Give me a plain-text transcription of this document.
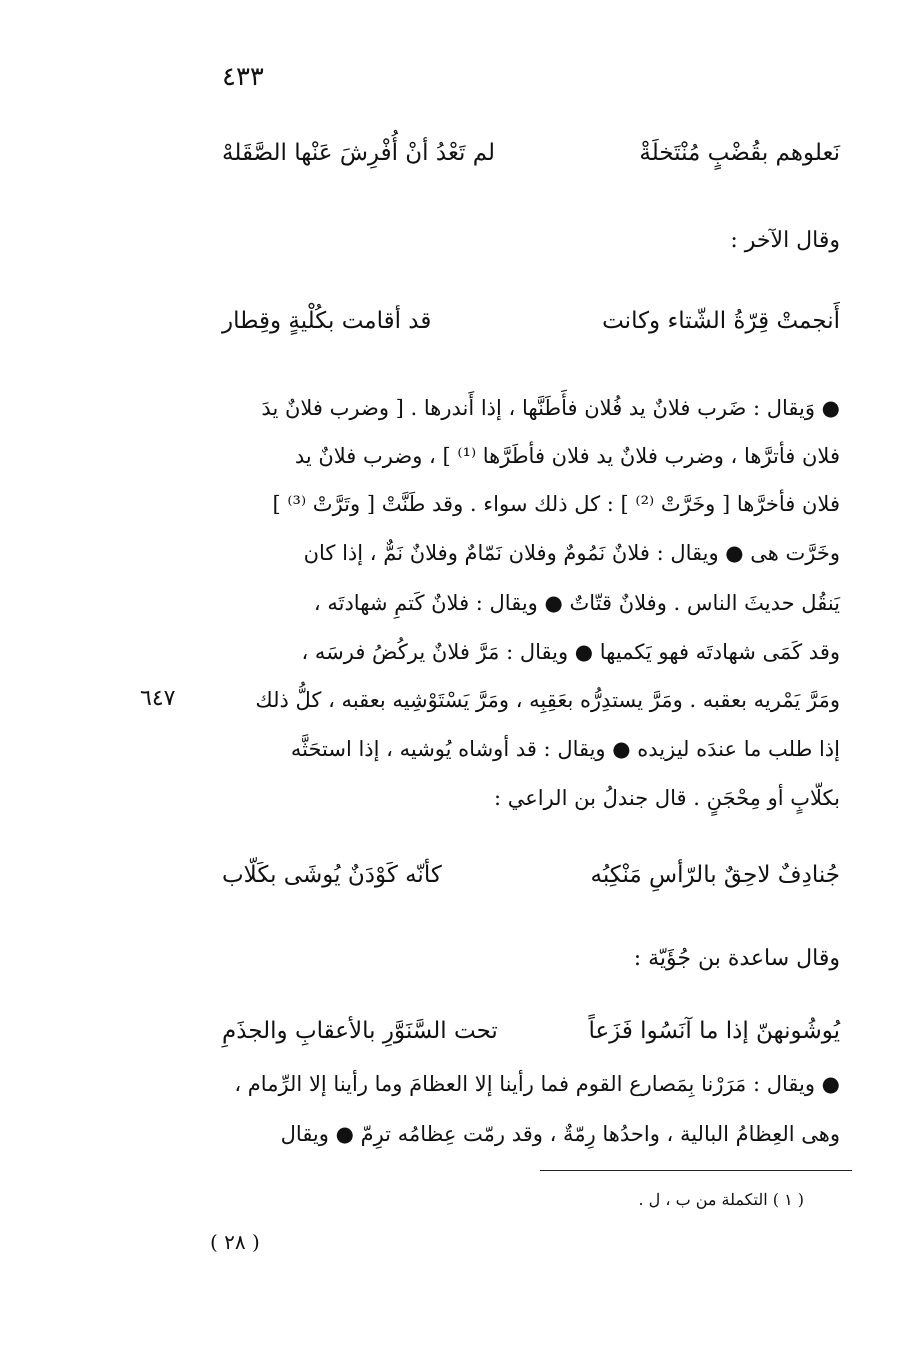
٤٣٣
نَعلوهم بقُضْبٍ مُنْتَخلَةْ
لم تَعْدُ أنْ أُفْرِشَ عَنْها الصَّقَلهْ
وقال الآخر :
أَنجمتْ قِرّةُ الشّتاء وكانت
قد أقامت بكُلْيةٍ وقِطار
● وَيقال : ضَرب فلانٌ يد فُلان فأَطَنَّها ، إذا أَندرها . [ وضرب فلانٌ يدَ
فلان فأترَّها ، وضرب فلانٌ يد فلان فأطَرَّها ⁽¹⁾ ] ، وضرب فلانٌ يد
فلان فأخرَّها [ وخَرَّتْ ⁽²⁾ ] : كل ذلك سواء . وقد طَنَّتْ [ وتَرَّتْ ⁽³⁾ ]
وخَرَّت هى ● ويقال : فلانٌ نَمُومٌ وفلان نَمّامٌ وفلانٌ نَمٌّ ، إذا كان
يَنقُل حديثَ الناس . وفلانٌ قتّاتٌ ● ويقال : فلانٌ كَتمِ شهادتَه ،
وقد كَمَى شهادتَه فهو يَكميها ● ويقال : مَرَّ فلانٌ يركُضُ فرسَه ،
ومَرَّ يَمْريه بعقبه . ومَرَّ يستدِرُّه بعَقِبِه ، ومَرَّ يَسْتَوْشِيه بعقبه ، كلُّ ذلك
إذا طلب ما عندَه ليزيده ● ويقال : قد أوشاه يُوشيه ، إذا استحَثَّه
بكلّابٍ أو مِحْجَنٍ . قال جندلُ بن الراعي :
٦٤٧
جُنادِفٌ لاحِقٌ بالرّأسِ مَنْكِبُه
كأنّه كَوْدَنٌ يُوشَى بكَلّاب
وقال ساعدة بن جُؤَيّة :
يُوشُونهنّ إذا ما آنَسُوا فَزَعاً
تحت السَّنَوَّرِ بالأعقابِ والجذَمِ
● ويقال : مَرَرْنا بِمَصارع القوم فما رأينا إلا العظامَ وما رأينا إلا الرِّمام ،
وهى العِظامُ البالية ، واحدُها رِمّةٌ ، وقد رمّت عِظامُه ترِمّ ● ويقال
( ١ ) التكملة من ب ، ل .
( ٢٨ )
